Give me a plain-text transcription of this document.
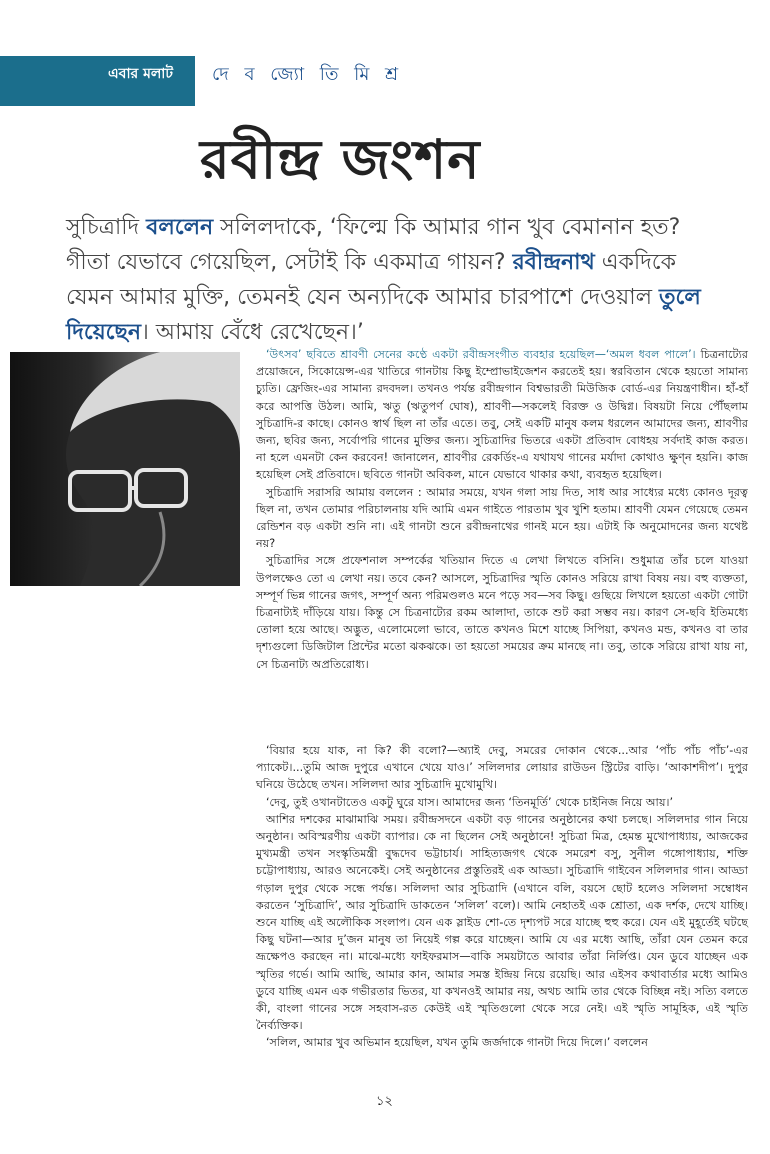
এবার মলাট দে ব জ্যো তি মি শ্র
রবীন্দ্র জংশন

সুচিত্রাদি বললেন সলিলদাকে, ‘ফিল্মে কি আমার গান খুব বেমানান হত? গীতা যেভাবে গেয়েছিল, সেটাই কি একমাত্র গায়ন? রবীন্দ্রনাথ একদিকে যেমন আমার মুক্তি, তেমনই যেন অন্যদিকে আমার চারপাশে দেওয়াল তুলে দিয়েছেন। আমায় বেঁধে রেখেছেন।’

‘উৎসব’ ছবিতে শ্রাবণী সেনের কণ্ঠে একটা রবীন্দ্রসংগীত ব্যবহার হয়েছিল—‘অমল ধবল পালে’। চিত্রনাট্যের প্রয়োজনে, সিকোয়েন্স-এর খাতিরে গানটায় কিছু ইম্প্রোভাইজেশন করতেই হয়। স্বরবিতান থেকে হয়তো সামান্য চ্যুতি। ফ্রেজিং-এর সামান্য রদবদল। তখনও পর্যন্ত রবীন্দ্রগান বিশ্বভারতী মিউজিক বোর্ড-এর নিয়ন্ত্রণাধীন। হাঁ-হাঁ করে আপত্তি উঠল। আমি, ঋতু (ঋতুপর্ণ ঘোষ), শ্রাবণী—সকলেই বিরক্ত ও উদ্বিগ্ন। বিষয়টা নিয়ে পৌঁছলাম সুচিত্রাদি-র কাছে। কোনও স্বার্থ ছিল না তাঁর এতে। তবু, সেই একটি মানুষ কলম ধরলেন আমাদের জন্য, শ্রাবণীর জন্য, ছবির জন্য, সর্বোপরি গানের মুক্তির জন্য। সুচিত্রাদির ভিতরে একটা প্রতিবাদ বোধহয় সর্বদাই কাজ করত। না হলে এমনটা কেন করবেন! জানালেন, শ্রাবণীর রেকর্ডিং-এ যথাযথ গানের মর্যাদা কোথাও ক্ষুণ্ন হয়নি। কাজ হয়েছিল সেই প্রতিবাদে। ছবিতে গানটা অবিকল, মানে যেভাবে থাকার কথা, ব্যবহৃত হয়েছিল।

সুচিত্রাদি সরাসরি আমায় বললেন : আমার সময়ে, যখন গলা সায় দিত, সাধ আর সাধ্যের মধ্যে কোনও দূরত্ব ছিল না, তখন তোমার পরিচালনায় যদি আমি এমন গাইতে পারতাম খুব খুশি হতাম। শ্রাবণী যেমন গেয়েছে তেমন রেন্ডিশন বড় একটা শুনি না। এই গানটা শুনে রবীন্দ্রনাথের গানই মনে হয়। এটাই কি অনুমোদনের জন্য যথেষ্ট নয়?

সুচিত্রাদির সঙ্গে প্রফেশনাল সম্পর্কের খতিয়ান দিতে এ লেখা লিখতে বসিনি। শুধুমাত্র তাঁর চলে যাওয়া উপলক্ষেও তো এ লেখা নয়। তবে কেন? আসলে, সুচিত্রাদির স্মৃতি কোনও সরিয়ে রাখা বিষয় নয়। বহু ব্যক্ততা, সম্পূর্ণ ভিন্ন গানের জগৎ, সম্পূর্ণ অন্য পরিমণ্ডলও মনে পড়ে সব—সব কিছু। গুছিয়ে লিখলে হয়তো একটা গোটা চিত্রনাট্যই দাঁড়িয়ে যায়। কিন্তু সে চিত্রনাট্যের রকম আলাদা, তাকে শুট করা সম্ভব নয়। কারণ সে-ছবি ইতিমধ্যে তোলা হয়ে আছে। অদ্ভুত, এলোমেলো ভাবে, তাতে কখনও মিশে যাচ্ছে সিপিয়া, কখনও মন্ড, কখনও বা তার দৃশ্যগুলো ডিজিটাল প্রিন্টের মতো ঝকঝকে। তা হয়তো সময়ের ক্রম মানছে না। তবু, তাকে সরিয়ে রাখা যায় না, সে চিত্রনাট্য অপ্রতিরোধ্য।

‘বিয়ার হয়ে যাক, না কি? কী বলো?—অ্যাই দেবু, সমরের দোকান থেকে...আর ‘পাঁচ পাঁচ পাঁচ’-এর প্যাকেট।...তুমি আজ দুপুরে এখানে খেয়ে যাও।’ সলিলদার লোয়ার রাউডন স্ট্রিটের বাড়ি। ‘আকাশদীপ’। দুপুর ঘনিয়ে উঠেছে তখন। সলিলদা আর সুচিত্রাদি মুখোমুখি।

‘দেবু, তুই ওখানটাতেও একটু ঘুরে যাস। আমাদের জন্য ‘তিনমূর্তি’ থেকে চাইনিজ নিয়ে আয়।’

আশির দশকের মাঝামাঝি সময়। রবীন্দ্রসদনে একটা বড় গানের অনুষ্ঠানের কথা চলছে। সলিলদার গান নিয়ে অনুষ্ঠান। অবিস্মরণীয় একটা ব্যাপার। কে না ছিলেন সেই অনুষ্ঠানে! সুচিত্রা মিত্র, হেমন্ত মুখোপাধ্যায়, আজকের মুখ্যমন্ত্রী তখন সংস্কৃতিমন্ত্রী বুদ্ধদেব ভট্টাচার্য। সাহিত্যজগৎ থেকে সমরেশ বসু, সুনীল গঙ্গোপাধ্যায়, শক্তি চট্টোপাধ্যায়, আরও অনেকেই। সেই অনুষ্ঠানের প্রস্তুতিরই এক আড্ডা। সুচিত্রাদি গাইবেন সলিলদার গান। আড্ডা গড়াল দুপুর থেকে সন্ধে পর্যন্ত। সলিলদা আর সুচিত্রাদি (এখানে বলি, বয়সে ছোট হলেও সলিলদা সম্বোধন করতেন ‘সুচিত্রাদি’, আর সুচিত্রাদি ডাকতেন ‘সলিল’ বলে)। আমি নেহাতই এক শ্রোতা, এক দর্শক, দেখে যাচ্ছি। শুনে যাচ্ছি এই অলৌকিক সংলাপ। যেন এক স্লাইড শো-তে দৃশ্যপট সরে যাচ্ছে হুহু করে। যেন এই মুহূর্তেই ঘটছে কিছু ঘটনা—আর দু’জন মানুষ তা নিয়েই গল্প করে যাচ্ছেন। আমি যে এর মধ্যে আছি, তাঁরা যেন তেমন করে ভ্রূক্ষেপও করছেন না। মাঝে-মধ্যে ফাইফরমাস—বাকি সময়টাতে আবার তাঁরা নির্লিপ্ত। যেন ডুবে যাচ্ছেন এক স্মৃতির গর্ভে। আমি আছি, আমার কান, আমার সমস্ত ইন্দ্রিয় নিয়ে রয়েছি। আর এইসব কথাবার্তার মধ্যে আমিও ডুবে যাচ্ছি এমন এক গভীরতার ভিতর, যা কখনওই আমার নয়, অথচ আমি তার থেকে বিচ্ছিন্ন নই। সত্যি বলতে কী, বাংলা গানের সঙ্গে সহবাস-রত কেউই এই স্মৃতিগুলো থেকে সরে নেই। এই স্মৃতি সামূহিক, এই স্মৃতি নৈর্ব্যক্তিক।

‘সলিল, আমার খুব অভিমান হয়েছিল, যখন তুমি জর্জদাকে গানটা দিয়ে দিলে।’ বললেন

১২
